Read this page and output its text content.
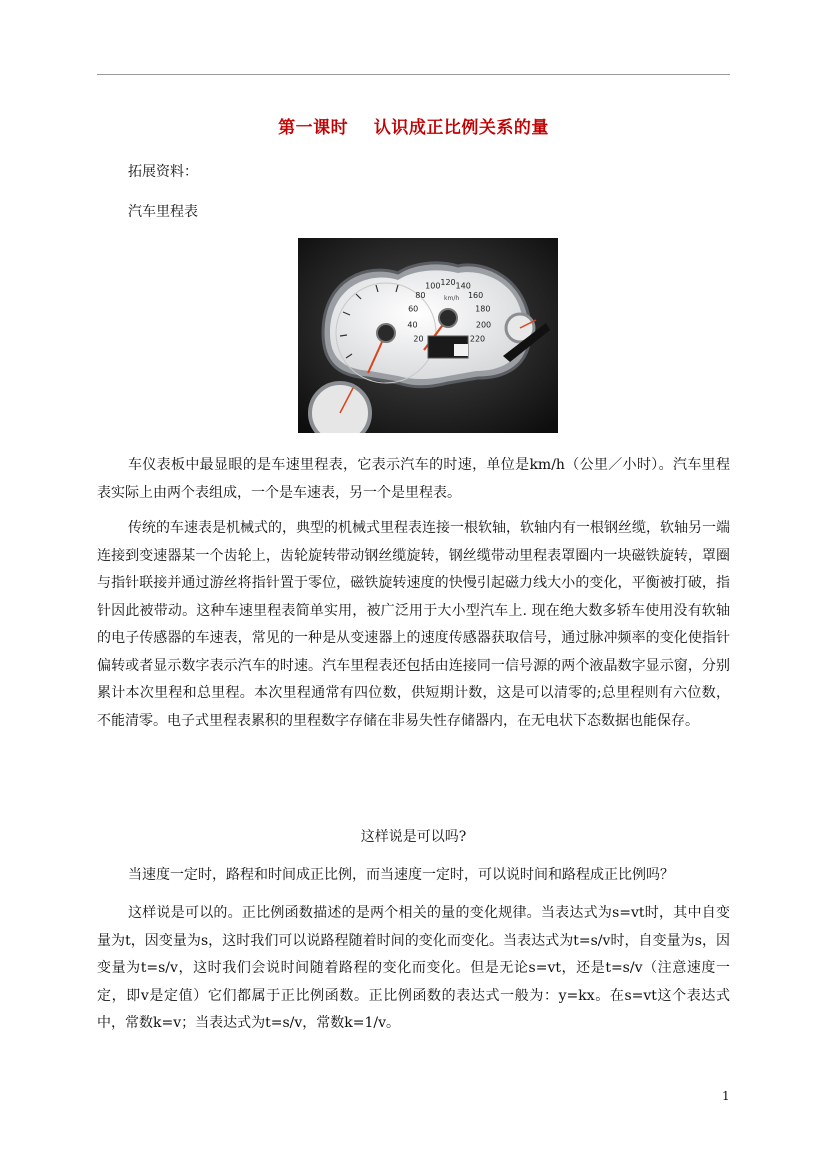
第一课时    认识成正比例关系的量
拓展资料：
汽车里程表
20
40
60
80
100 120 140
160
180
200
220
km/h

车仪表板中最显眼的是车速里程表，它表示汽车的时速，单位是km/h（公里／小时）。汽车里程表实际上由两个表组成，一个是车速表，另一个是里程表。

传统的车速表是机械式的，典型的机械式里程表连接一根软轴，软轴内有一根钢丝缆，软轴另一端连接到变速器某一个齿轮上，齿轮旋转带动钢丝缆旋转，钢丝缆带动里程表罩圈内一块磁铁旋转，罩圈与指针联接并通过游丝将指针置于零位，磁铁旋转速度的快慢引起磁力线大小的变化，平衡被打破，指针因此被带动。这种车速里程表简单实用，被广泛用于大小型汽车上. 现在绝大数多轿车使用没有软轴的电子传感器的车速表，常见的一种是从变速器上的速度传感器获取信号，通过脉冲频率的变化使指针偏转或者显示数字表示汽车的时速。汽车里程表还包括由连接同一信号源的两个液晶数字显示窗，分别累计本次里程和总里程。本次里程通常有四位数，供短期计数，这是可以清零的;总里程则有六位数，不能清零。电子式里程表累积的里程数字存储在非易失性存储器内，在无电状下态数据也能保存。

这样说是可以吗?
当速度一定时，路程和时间成正比例，而当速度一定时，可以说时间和路程成正比例吗？

这样说是可以的。正比例函数描述的是两个相关的量的变化规律。当表达式为s=vt时，其中自变量为t，因变量为s，这时我们可以说路程随着时间的变化而变化。当表达式为t=s/v时，自变量为s，因变量为t=s/v，这时我们会说时间随着路程的变化而变化。但是无论s=vt，还是t=s/v（注意速度一定，即v是定值）它们都属于正比例函数。正比例函数的表达式一般为：y=kx。在s=vt这个表达式中，常数k=v；当表达式为t=s/v，常数k=1/v。

1
